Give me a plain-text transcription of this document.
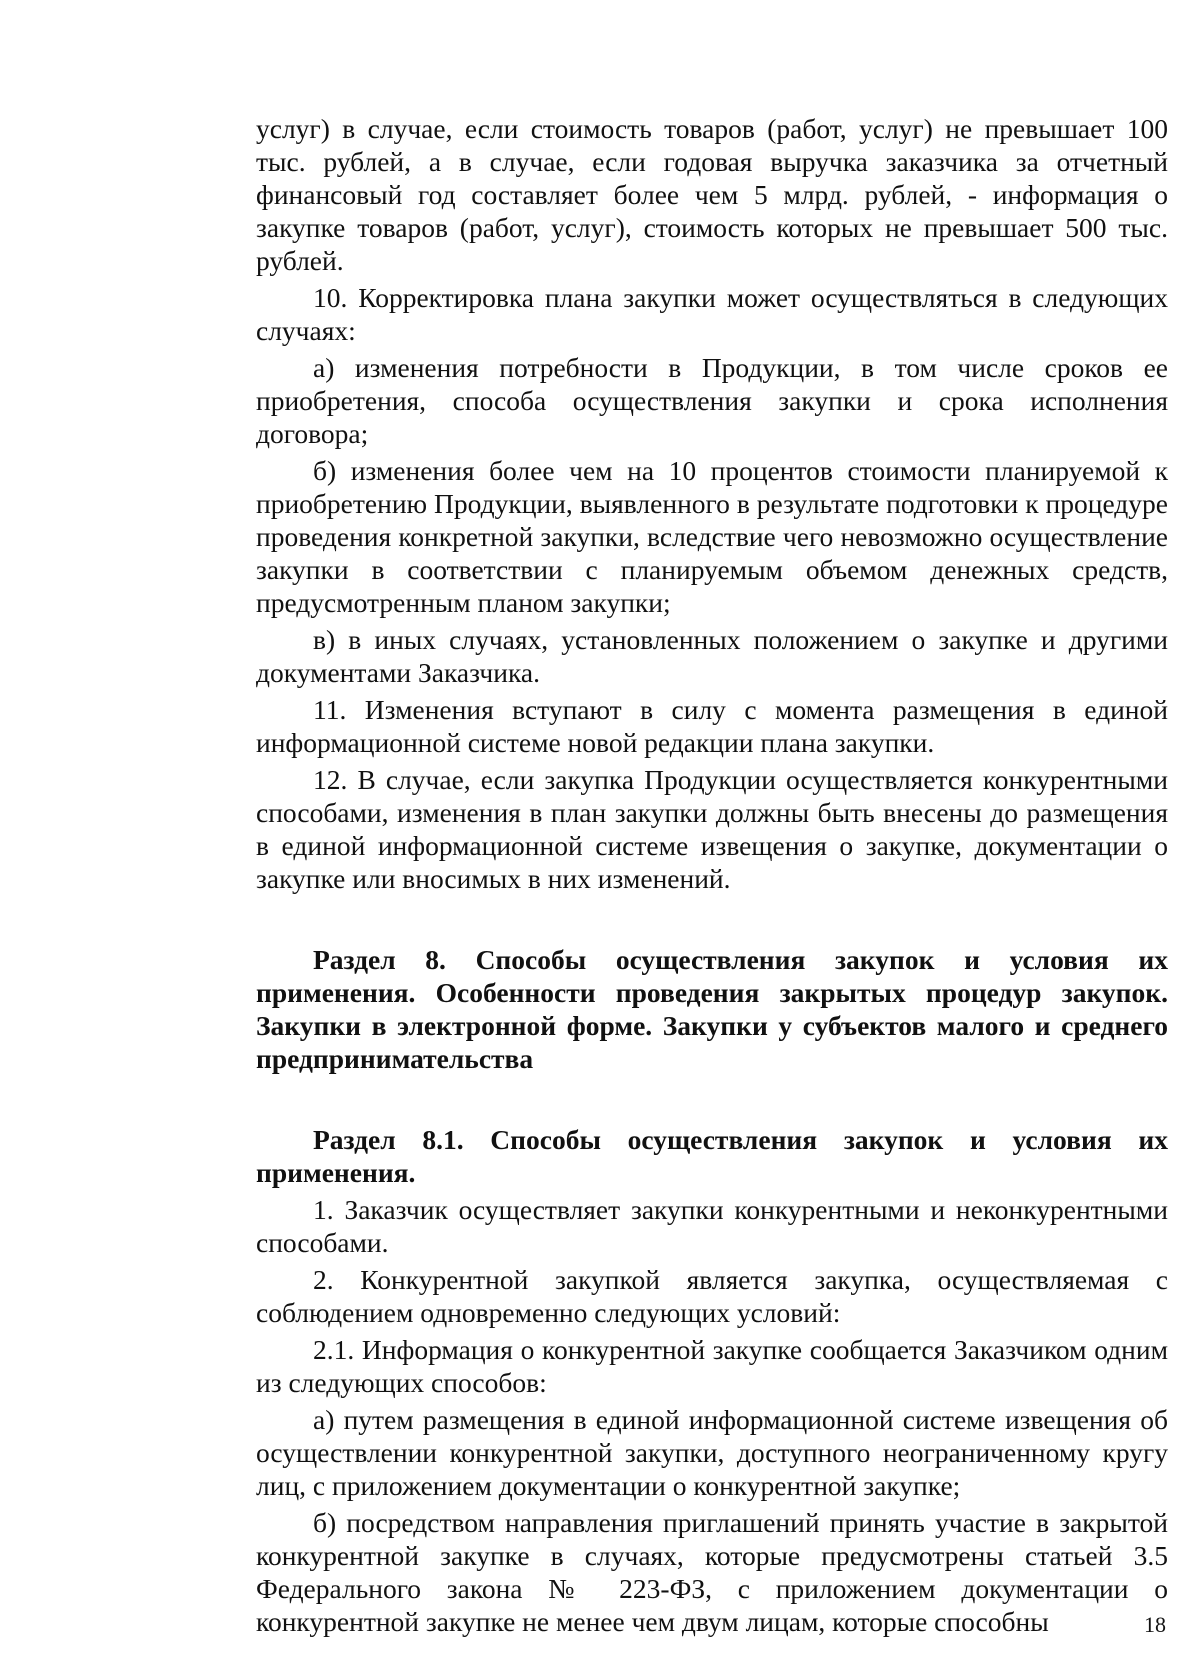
услуг) в случае, если стоимость товаров (работ, услуг) не превышает 100 тыс. рублей, а в случае, если годовая выручка заказчика за отчетный финансовый год составляет более чем 5 млрд. рублей, - информация о закупке товаров (работ, услуг), стоимость которых не превышает 500 тыс. рублей.

10. Корректировка плана закупки может осуществляться в следующих случаях:

а) изменения потребности в Продукции, в том числе сроков ее приобретения, способа осуществления закупки и срока исполнения договора;

б) изменения более чем на 10 процентов стоимости планируемой к приобретению Продукции, выявленного в результате подготовки к процедуре проведения конкретной закупки, вследствие чего невозможно осуществление закупки в соответствии с планируемым объемом денежных средств, предусмотренным планом закупки;

в) в иных случаях, установленных положением о закупке и другими документами Заказчика.

11. Изменения вступают в силу с момента размещения в единой информационной системе новой редакции плана закупки.

12. В случае, если закупка Продукции осуществляется конкурентными способами, изменения в план закупки должны быть внесены до размещения в единой информационной системе извещения о закупке, документации о закупке или вносимых в них изменений.

Раздел 8. Способы осуществления закупок и условия их применения. Особенности проведения закрытых процедур закупок. Закупки в электронной форме. Закупки у субъектов малого и среднего предпринимательства

Раздел 8.1. Способы осуществления закупок и условия их применения.

1. Заказчик осуществляет закупки конкурентными и неконкурентными способами.

2. Конкурентной закупкой является закупка, осуществляемая с соблюдением одновременно следующих условий:

2.1. Информация о конкурентной закупке сообщается Заказчиком одним из следующих способов:

а) путем размещения в единой информационной системе извещения об осуществлении конкурентной закупки, доступного неограниченному кругу лиц, с приложением документации о конкурентной закупке;

б) посредством направления приглашений принять участие в закрытой конкурентной закупке в случаях, которые предусмотрены статьей 3.5 Федерального закона № 223-ФЗ, с приложением документации о конкурентной закупке не менее чем двум лицам, которые способны	18
